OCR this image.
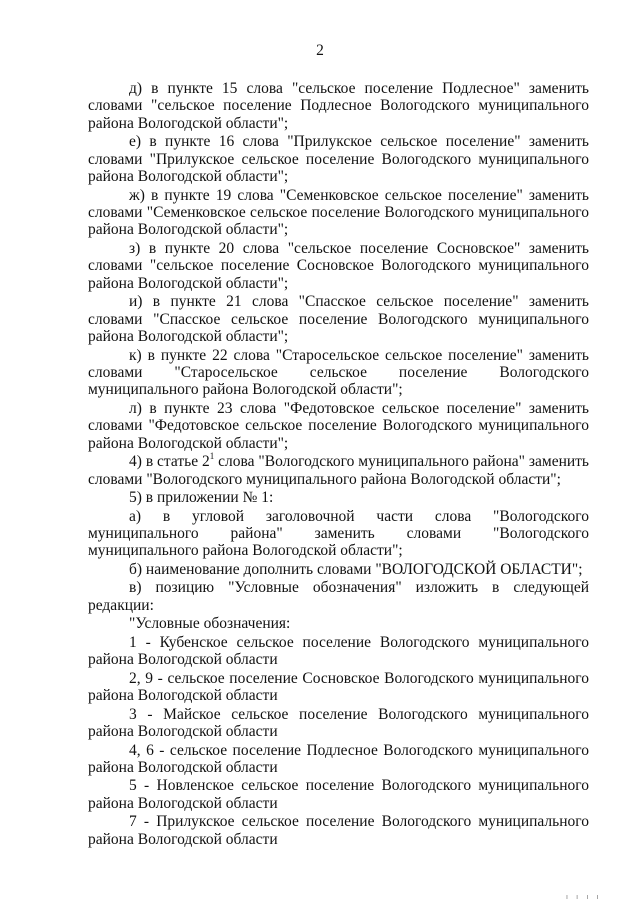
2

д) в пункте 15 слова "сельское поселение Подлесное" заменить словами "сельское поселение Подлесное Вологодского муниципального района Вологодской области";

е) в пункте 16 слова "Прилукское сельское поселение" заменить словами "Прилукское сельское поселение Вологодского муниципального района Вологодской области";

ж) в пункте 19 слова "Семенковское сельское поселение" заменить словами "Семенковское сельское поселение Вологодского муниципального района Вологодской области";

з) в пункте 20 слова "сельское поселение Сосновское" заменить словами "сельское поселение Сосновское Вологодского муниципального района Вологодской области";

и) в пункте 21 слова "Спасское сельское поселение" заменить словами "Спасское сельское поселение Вологодского муниципального района Вологодской области";

к) в пункте 22 слова "Старосельское сельское поселение" заменить словами "Старосельское сельское поселение Вологодского муниципального района Вологодской области";

л) в пункте 23 слова "Федотовское сельское поселение" заменить словами "Федотовское сельское поселение Вологодского муниципального района Вологодской области";

4) в статье $2^1$ слова "Вологодского муниципального района" заменить словами "Вологодского муниципального района Вологодской области";

5) в приложении № 1:

а) в угловой заголовочной части слова "Вологодского муниципального района" заменить словами "Вологодского муниципального района Вологодской области";

б) наименование дополнить словами "ВОЛОГОДСКОЙ ОБЛАСТИ";

в) позицию "Условные обозначения" изложить в следующей редакции:

"Условные обозначения:

1 - Кубенское сельское поселение Вологодского муниципального района Вологодской области

2, 9 - сельское поселение Сосновское Вологодского муниципального района Вологодской области

3 - Майское сельское поселение Вологодского муниципального района Вологодской области

4, 6 - сельское поселение Подлесное Вологодского муниципального района Вологодской области

5 - Новленское сельское поселение Вологодского муниципального района Вологодской области

7 - Прилукское сельское поселение Вологодского муниципального района Вологодской области

ı ı ı ı
